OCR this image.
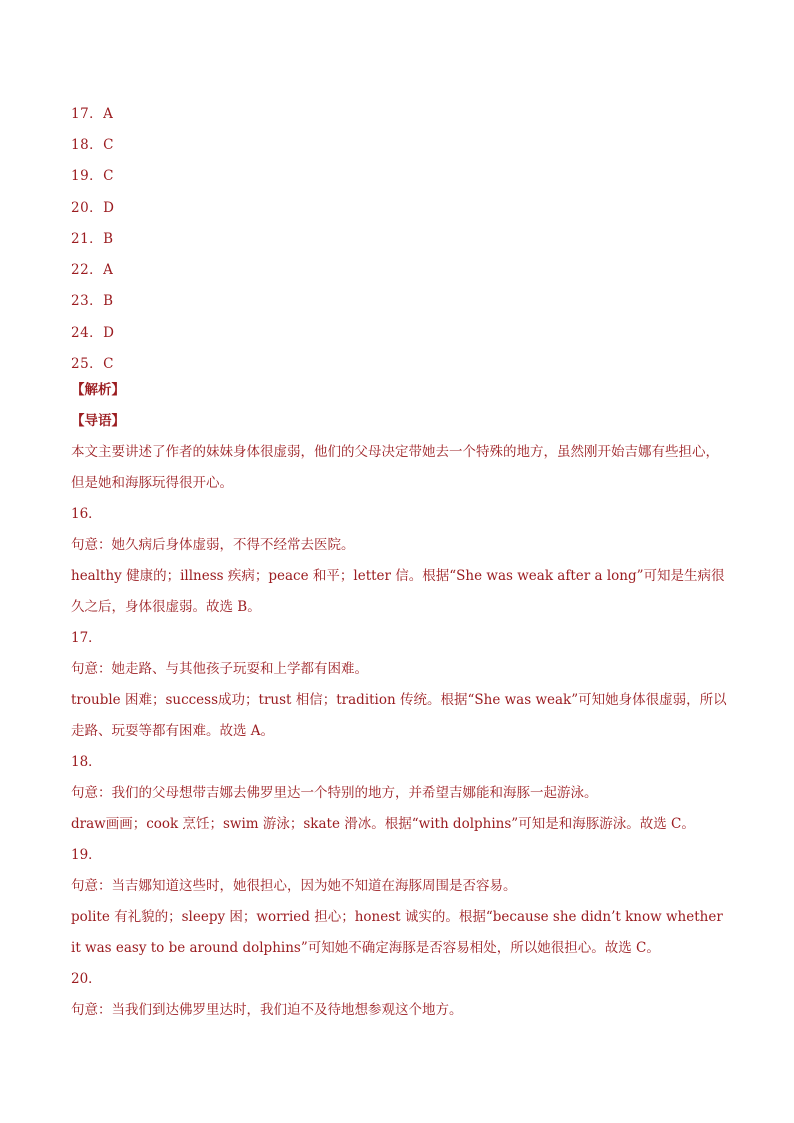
17．A
18．C
19．C
20．D
21．B
22．A
23．B
24．D
25．C
【解析】
【导语】
本文主要讲述了作者的妹妹身体很虚弱，他们的父母决定带她去一个特殊的地方，虽然刚开始吉娜有些担心，但是她和海豚玩得很开心。
16．
句意：她久病后身体虚弱，不得不经常去医院。
healthy 健康的；illness 疾病；peace 和平；letter 信。根据“She was weak after a long”可知是生病很久之后，身体很虚弱。故选 B。
17．
句意：她走路、与其他孩子玩耍和上学都有困难。
trouble 困难；success成功；trust 相信；tradition 传统。根据“She was weak”可知她身体很虚弱，所以走路、玩耍等都有困难。故选 A。
18．
句意：我们的父母想带吉娜去佛罗里达一个特别的地方，并希望吉娜能和海豚一起游泳。
draw画画；cook 烹饪；swim 游泳；skate 滑冰。根据“with dolphins”可知是和海豚游泳。故选 C。
19．
句意：当吉娜知道这些时，她很担心，因为她不知道在海豚周围是否容易。
polite 有礼貌的；sleepy 困；worried 担心；honest 诚实的。根据“because she didn’t know whether it was easy to be around dolphins”可知她不确定海豚是否容易相处，所以她很担心。故选 C。
20．
句意：当我们到达佛罗里达时，我们迫不及待地想参观这个地方。
